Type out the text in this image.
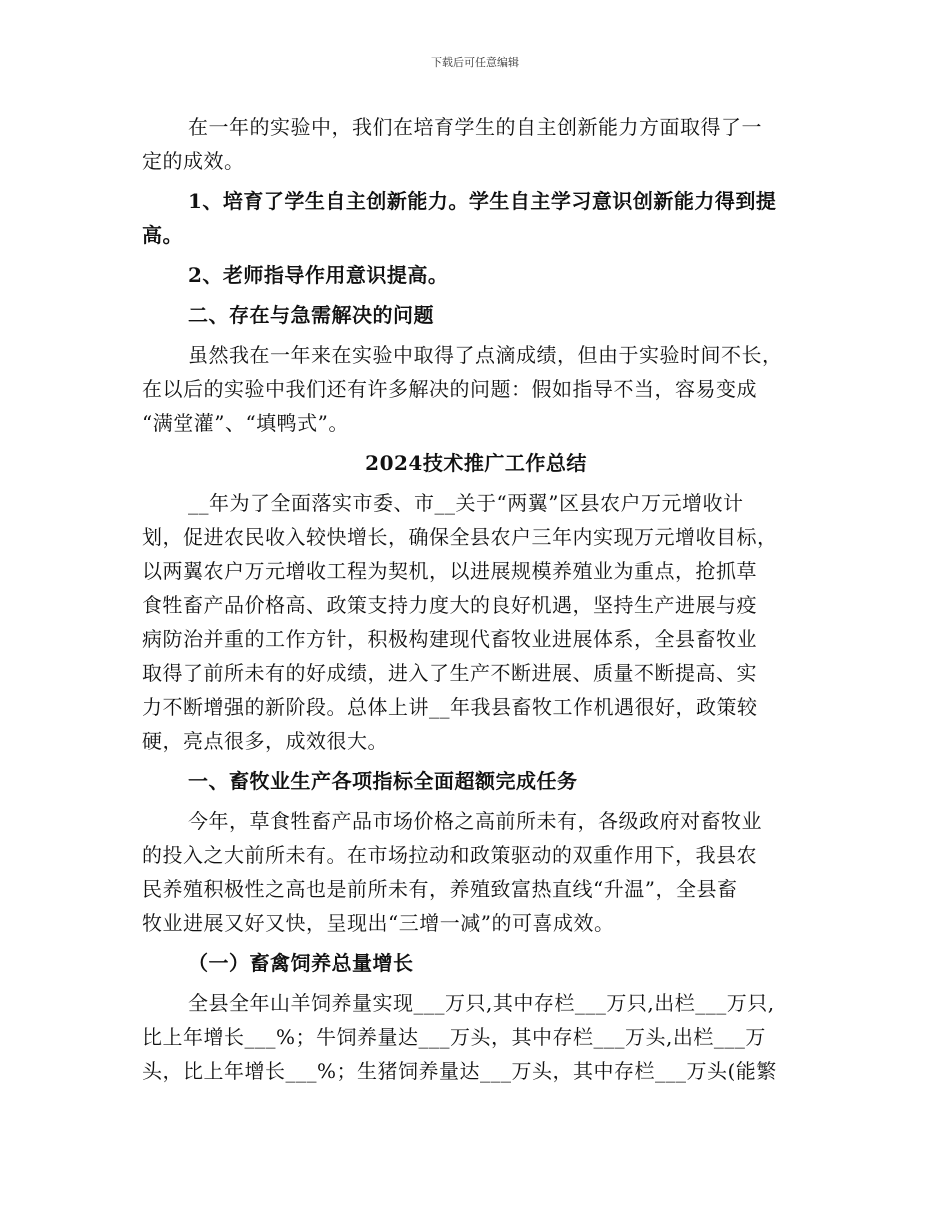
下载后可任意编辑
在一年的实验中，我们在培育学生的自主创新能力方面取得了一
定的成效。
1、培育了学生自主创新能力。学生自主学习意识创新能力得到提
高。
2、老师指导作用意识提高。
二、存在与急需解决的问题
虽然我在一年来在实验中取得了点滴成绩，但由于实验时间不长，
在以后的实验中我们还有许多解决的问题：假如指导不当，容易变成
“满堂灌”、“填鸭式”。
2024技术推广工作总结
__年为了全面落实市委、市__关于“两翼”区县农户万元增收计
划，促进农民收入较快增长，确保全县农户三年内实现万元增收目标，
以两翼农户万元增收工程为契机，以进展规模养殖业为重点，抢抓草
食牲畜产品价格高、政策支持力度大的良好机遇，坚持生产进展与疫
病防治并重的工作方针，积极构建现代畜牧业进展体系，全县畜牧业
取得了前所未有的好成绩，进入了生产不断进展、质量不断提高、实
力不断增强的新阶段。总体上讲__年我县畜牧工作机遇很好，政策较
硬，亮点很多，成效很大。
一、畜牧业生产各项指标全面超额完成任务
今年，草食牲畜产品市场价格之高前所未有，各级政府对畜牧业
的投入之大前所未有。在市场拉动和政策驱动的双重作用下，我县农
民养殖积极性之高也是前所未有，养殖致富热直线“升温”，全县畜
牧业进展又好又快，呈现出“三增一减”的可喜成效。
（一）畜禽饲养总量增长
全县全年山羊饲养量实现___万只,其中存栏___万只,出栏___万只,
比上年增长___%；牛饲养量达___万头，其中存栏___万头,出栏___万
头，比上年增长___%；生猪饲养量达___万头，其中存栏___万头(能繁
